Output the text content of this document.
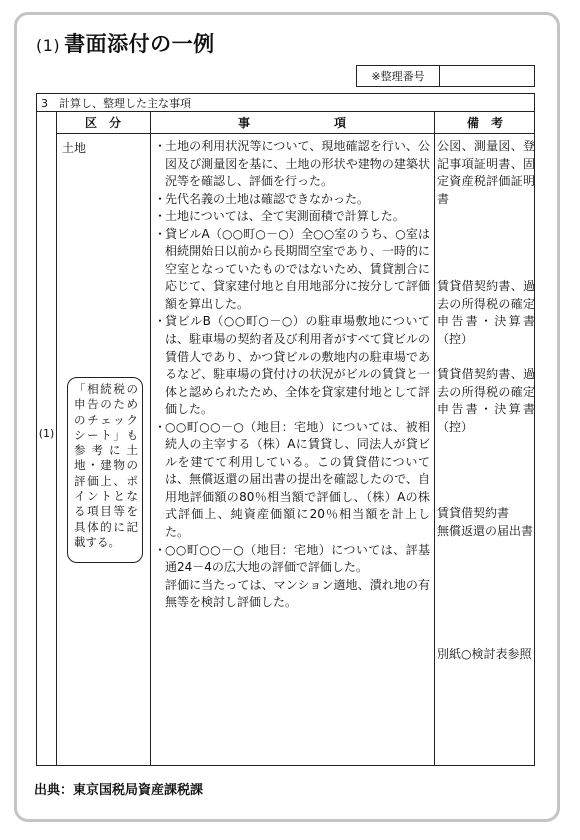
(1) 書面添付の一例
※整理番号
3　計算し、整理した主な事項
区　分	事　　　　　　　項	備　考
(1)
土地
「相続税の申告のためのチェックシート」も参考に土地・建物の評価上、ポイントとなる項目等を具体的に記載する。
・
土地の利用状況等について、現地確認を行い、公図及び測量図を基に、土地の形状や建物の建築状況等を確認し、評価を行った。
・
先代名義の土地は確認できなかった。
・
土地については、全て実測面積で計算した。
・
貸ビルA（○○町○－○）全○○室のうち、○室は相続開始日以前から長期間空室であり、一時的に空室となっていたものではないため、賃貸割合に応じて、貸家建付地と自用地部分に按分して評価額を算出した。
・
貸ビルB（○○町○－○）の駐車場敷地については、駐車場の契約者及び利用者がすべて貸ビルの賃借人であり、かつ貸ビルの敷地内の駐車場であるなど、駐車場の貸付けの状況がビルの賃貸と一体と認められたため、全体を貸家建付地として評価した。
・
○○町○○－○（地目：宅地）については、被相続人の主宰する（株）Aに賃貸し、同法人が貸ビルを建てて利用している。この賃貸借については、無償返還の届出書の提出を確認したので、自用地評価額の80％相当額で評価し、（株）Aの株式評価上、純資産価額に20％相当額を計上した。
・
○○町○○－○（地目：宅地）については、評基通24－4の広大地の評価で評価した。
評価に当たっては、マンション適地、潰れ地の有無等を検討し評価した。
公図、測量図、登記事項証明書、固定資産税評価証明書
賃貸借契約書、過去の所得税の確定申告書・決算書（控）
賃貸借契約書、過去の所得税の確定申告書・決算書（控）
賃貸借契約書
無償返還の届出書
別紙○検討表参照
出典：東京国税局資産課税課
